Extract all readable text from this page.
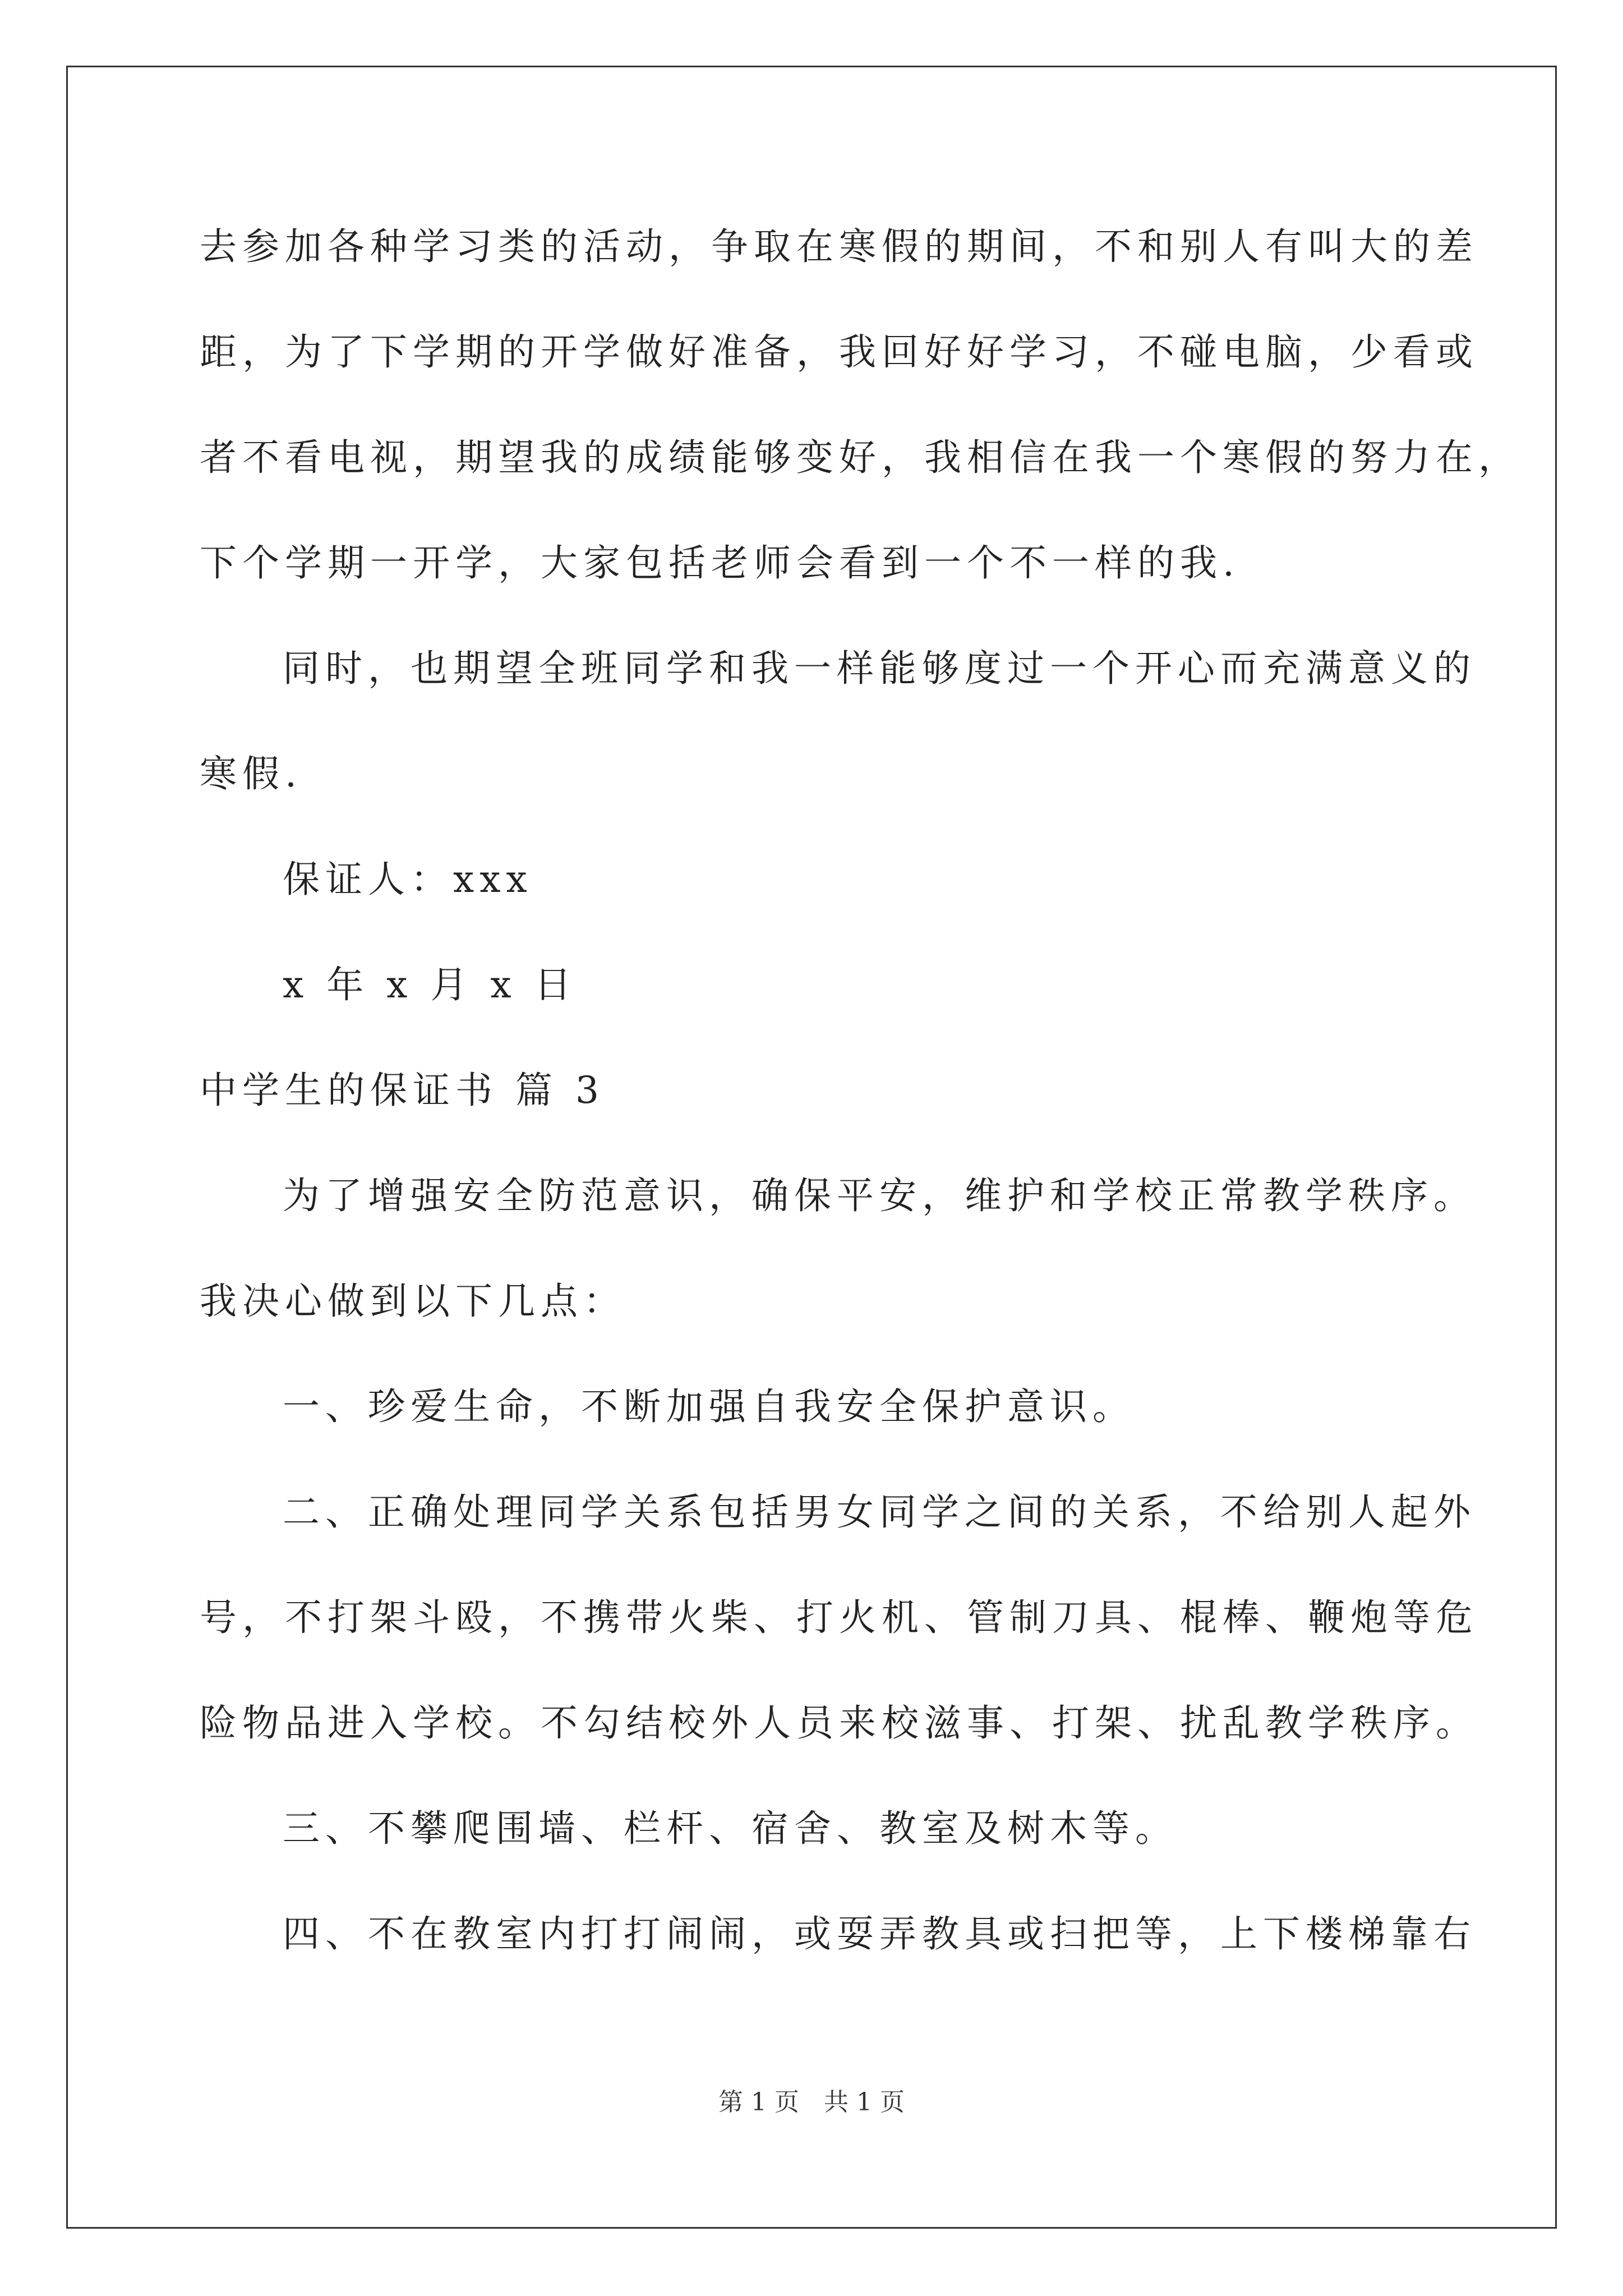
去参加各种学习类的活动，争取在寒假的期间，不和别人有叫大的差
距，为了下学期的开学做好准备，我回好好学习，不碰电脑，少看或
者不看电视，期望我的成绩能够变好，我相信在我一个寒假的努力在，
下个学期一开学，大家包括老师会看到一个不一样的我.
同时，也期望全班同学和我一样能够度过一个开心而充满意义的
寒假.
保证人：xxx
x 年 x 月 x 日
中学生的保证书 篇 3
为了增强安全防范意识，确保平安，维护和学校正常教学秩序。
我决心做到以下几点：
一、珍爱生命，不断加强自我安全保护意识。
二、正确处理同学关系包括男女同学之间的关系，不给别人起外
号，不打架斗殴，不携带火柴、打火机、管制刀具、棍棒、鞭炮等危
险物品进入学校。不勾结校外人员来校滋事、打架、扰乱教学秩序。
三、不攀爬围墙、栏杆、宿舍、教室及树木等。
四、不在教室内打打闹闹，或耍弄教具或扫把等，上下楼梯靠右
第 1 页　共 1 页
